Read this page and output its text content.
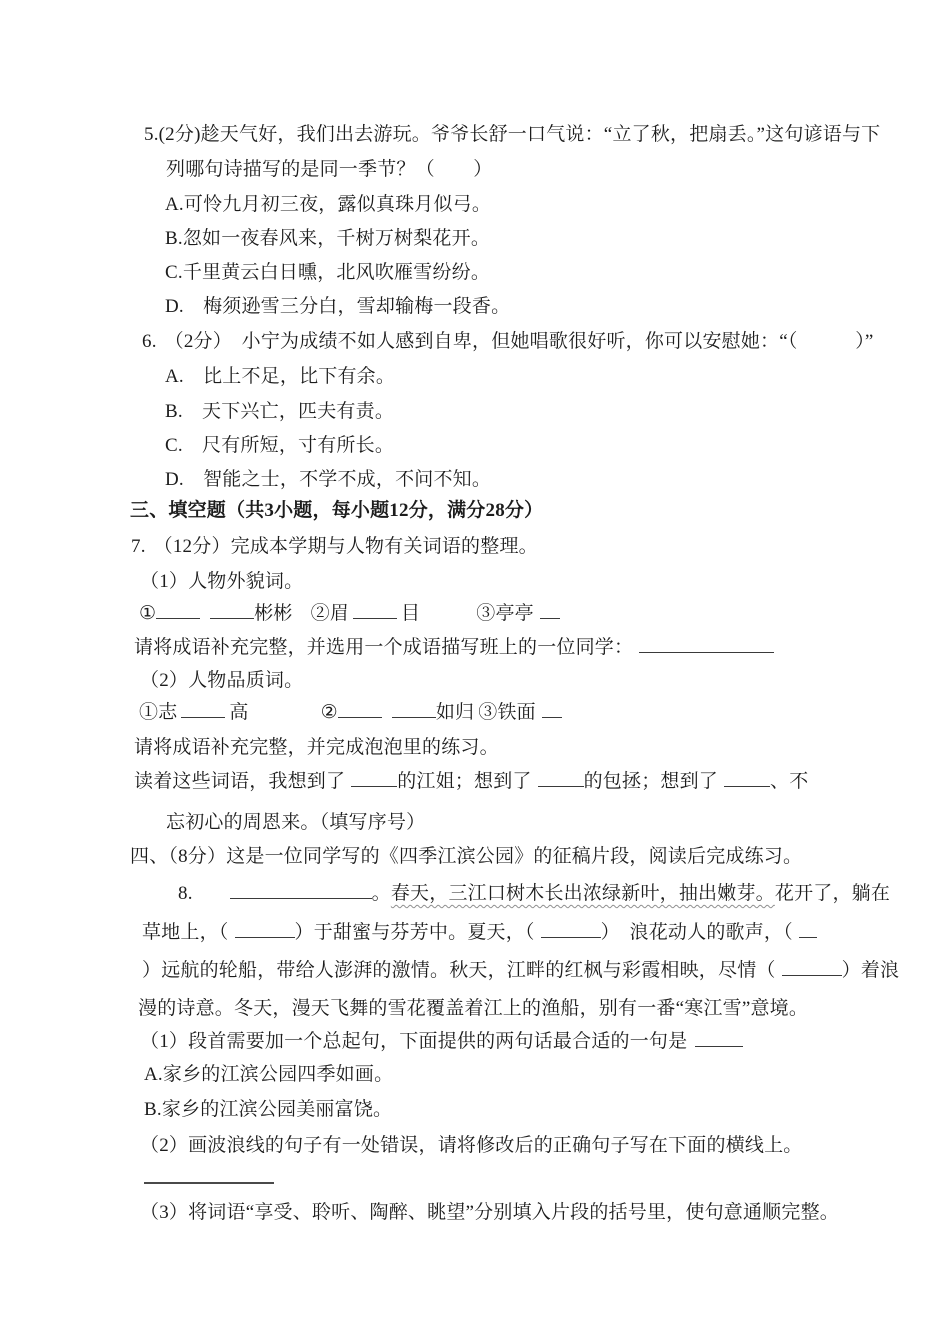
5.(2分)趁天气好，我们出去游玩。爷爷长舒一口气说：“立了秋，把扇丢。”这句谚语与下
列哪句诗描写的是同一季节？（　　）
A.可怜九月初三夜，露似真珠月似弓。
B.忽如一夜春风来，千树万树梨花开。
C.千里黄云白日曛，北风吹雁雪纷纷。
D.　梅须逊雪三分白，雪却输梅一段香。
6. （2分）　小宁为成绩不如人感到自卑，但她唱歌很好听，你可以安慰她：“（　　　）”
A.　比上不足，比下有余。
B.　天下兴亡，匹夫有责。
C.　尺有所短，寸有所长。
D.　智能之士，不学不成，不问不知。
三、填空题（共3小题，每小题12分，满分28分）
7. （12分）完成本学期与人物有关词语的整理。
（1）人物外貌词。
①	彬彬 ②眉	目	③亭亭
请将成语补充完整，并选用一个成语描写班上的一位同学：
（2）人物品质词。
①志	高	②	如归 ③铁面
请将成语补充完整，并完成泡泡里的练习。
读着这些词语，我想到了	的江姐；想到了	的包拯；想到了	、不
忘初心的周恩来。（填写序号）
四、（8分）这是一位同学写的《四季江滨公园》的征稿片段，阅读后完成练习。
8.	。春天，三江口树木长出浓绿新叶，抽出嫩芽。花开了，躺在
草地上，（	）于甜蜜与芬芳中。夏天，（	）　浪花动人的歌声，（
）远航的轮船，带给人澎湃的激情。秋天，江畔的红枫与彩霞相映，尽情（	）着浪
漫的诗意。冬天，漫天飞舞的雪花覆盖着江上的渔船，别有一番“寒江雪”意境。
（1）段首需要加一个总起句，下面提供的两句话最合适的一句是
A.家乡的江滨公园四季如画。
B.家乡的江滨公园美丽富饶。
（2）画波浪线的句子有一处错误，请将修改后的正确句子写在下面的横线上。
（3）将词语“享受、聆听、陶醉、眺望”分别填入片段的括号里，使句意通顺完整。
